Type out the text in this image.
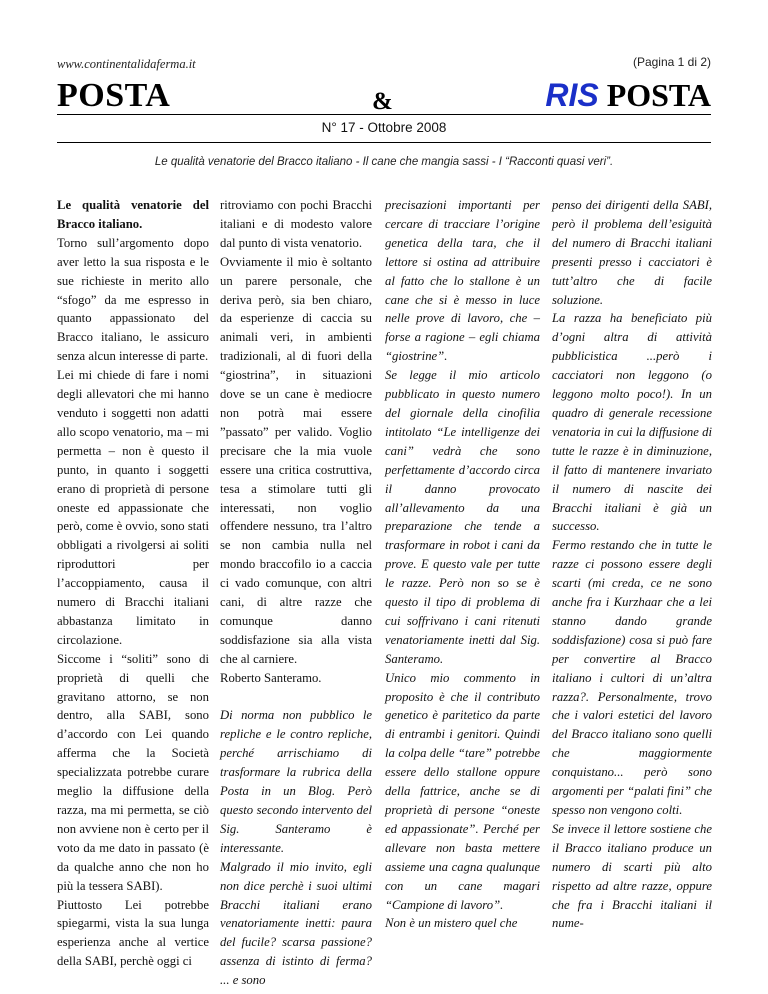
www.continentalidaferma.it	(Pagina 1 di 2)
POSTA	&	RIS POSTA
N° 17 - Ottobre 2008
Le qualità venatorie del Bracco italiano - Il cane che mangia sassi - I “Racconti quasi veri”.

Le qualità venatorie del Bracco italiano.

Torno sull’argomento dopo aver letto la sua risposta e le sue richieste in merito allo “sfogo” da me espresso in quanto appassionato del Bracco italiano, le assicuro senza alcun interesse di parte.

Lei mi chiede di fare i nomi degli allevatori che mi hanno venduto i soggetti non adatti allo scopo venatorio, ma – mi permetta – non è questo il punto, in quanto i soggetti erano di proprietà di persone oneste ed appassionate che però, come è ovvio, sono stati obbligati a rivolgersi ai soliti riproduttori per l’accoppiamento, causa il numero di Bracchi italiani abbastanza limitato in circolazione.

Siccome i “soliti” sono di proprietà di quelli che gravitano attorno, se non dentro, alla SABI, sono d’accordo con Lei quando afferma che la Società specializzata potrebbe curare meglio la diffusione della razza, ma mi permetta, se ciò non avviene non è certo per il voto da me dato in passato (è da qualche anno che non ho più la tessera SABI).

Piuttosto Lei potrebbe spiegarmi, vista la sua lunga esperienza anche al vertice della SABI, perchè oggi ci

ritroviamo con pochi Bracchi italiani e di modesto valore dal punto di vista venatorio.

Ovviamente il mio è soltanto un parere personale, che deriva però, sia ben chiaro, da esperienze di caccia su animali veri, in ambienti tradizionali, al di fuori della “giostrina”, in situazioni dove se un cane è mediocre non potrà mai essere ”passato” per valido. Voglio precisare che la mia vuole essere una critica costruttiva, tesa a stimolare tutti gli interessati, non voglio offendere nessuno, tra l’altro se non cambia nulla nel mondo braccofilo io a caccia ci vado comunque, con altri cani, di altre razze che comunque danno soddisfazione sia alla vista che al carniere.

Roberto Santeramo.

Di norma non pubblico le repliche e le contro repliche, perché arrischiamo di trasformare la rubrica della Posta in un Blog. Però questo secondo intervento del Sig. Santeramo è interessante.

Malgrado il mio invito, egli non dice perchè i suoi ultimi Bracchi italiani erano venatoriamente inetti: paura del fucile? scarsa passione? assenza di istinto di ferma? ... e sono

precisazioni importanti per cercare di tracciare l’origine genetica della tara, che il lettore si ostina ad attribuire al fatto che lo stallone è un cane che si è messo in luce nelle prove di lavoro, che – forse a ragione – egli chiama “giostrine”.

Se legge il mio articolo pubblicato in questo numero del giornale della cinofilia intitolato “Le intelligenze dei cani” vedrà che sono perfettamente d’accordo circa il danno provocato all’allevamento da una preparazione che tende a trasformare in robot i cani da prove. E questo vale per tutte le razze. Però non so se è questo il tipo di problema di cui soffrivano i cani ritenuti venatoriamente inetti dal Sig. Santeramo.

Unico mio commento in proposito è che il contributo genetico è paritetico da parte di entrambi i genitori. Quindi la colpa delle “tare” potrebbe essere dello stallone oppure della fattrice, anche se di proprietà di persone “oneste ed appassionate”. Perché per allevare non basta mettere assieme una cagna qualunque con un cane magari “Campione di lavoro”.

Non è un mistero quel che

penso dei dirigenti della SABI, però il problema dell’esiguità del numero di Bracchi italiani presenti presso i cacciatori è tutt’altro che di facile soluzione.

La razza ha beneficiato più d’ogni altra di attività pubblicistica ...però i cacciatori non leggono (o leggono molto poco!). In un quadro di generale recessione venatoria in cui la diffusione di tutte le razze è in diminuzione, il fatto di mantenere invariato il numero di nascite dei Bracchi italiani è già un successo.

Fermo restando che in tutte le razze ci possono essere degli scarti (mi creda, ce ne sono anche fra i Kurzhaar che a lei stanno dando grande soddisfazione) cosa si può fare per convertire al Bracco italiano i cultori di un’altra razza?. Personalmente, trovo che i valori estetici del lavoro del Bracco italiano sono quelli che maggiormente conquistano... però sono argomenti per “palati fini” che spesso non vengono colti.

Se invece il lettore sostiene che il Bracco italiano produce un numero di scarti più alto rispetto ad altre razze, oppure che fra i Bracchi italiani il nume-
